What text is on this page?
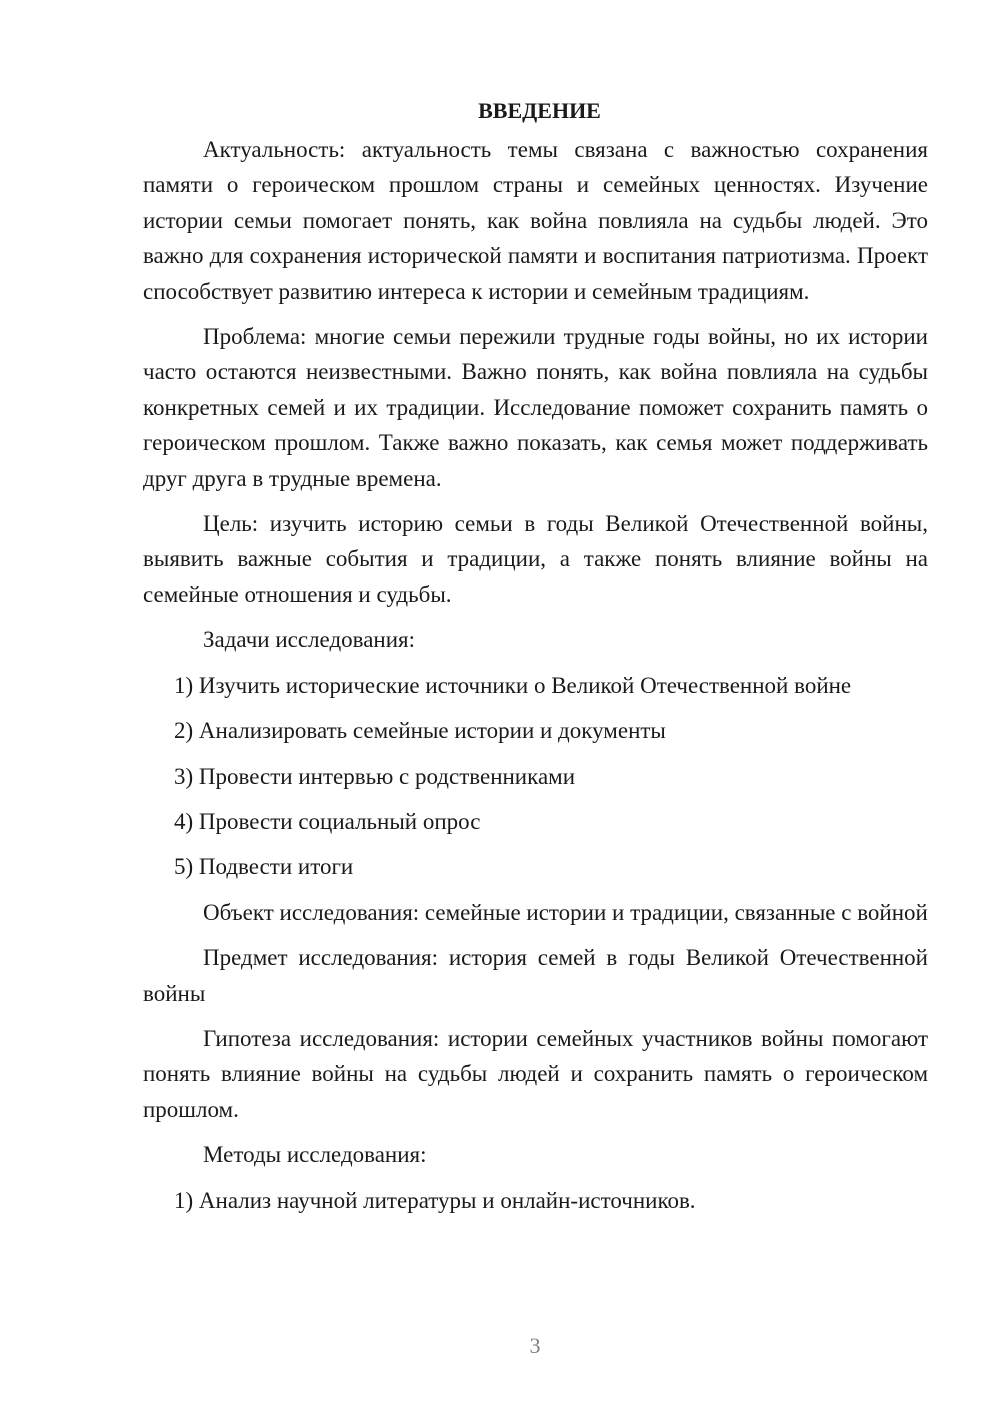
ВВЕДЕНИЕ

Актуальность: актуальность темы связана с важностью сохранения памяти о героическом прошлом страны и семейных ценностях. Изучение истории семьи помогает понять, как война повлияла на судьбы людей. Это важно для сохранения исторической памяти и воспитания патриотизма. Проект способствует развитию интереса к истории и семейным традициям.

Проблема: многие семьи пережили трудные годы войны, но их истории часто остаются неизвестными. Важно понять, как война повлияла на судьбы конкретных семей и их традиции. Исследование поможет сохранить память о героическом прошлом. Также важно показать, как семья может поддерживать друг друга в трудные времена.

Цель: изучить историю семьи в годы Великой Отечественной войны, выявить важные события и традиции, а также понять влияние войны на семейные отношения и судьбы.

Задачи исследования:
1) Изучить исторические источники о Великой Отечественной войне
2) Анализировать семейные истории и документы
3) Провести интервью с родственниками
4) Провести социальный опрос
5) Подвести итоги

Объект исследования: семейные истории и традиции, связанные с войной

Предмет исследования: история семей в годы Великой Отечественной войны

Гипотеза исследования: истории семейных участников войны помогают понять влияние войны на судьбы людей и сохранить память о героическом прошлом.

Методы исследования:
1) Анализ научной литературы и онлайн-источников.
3
